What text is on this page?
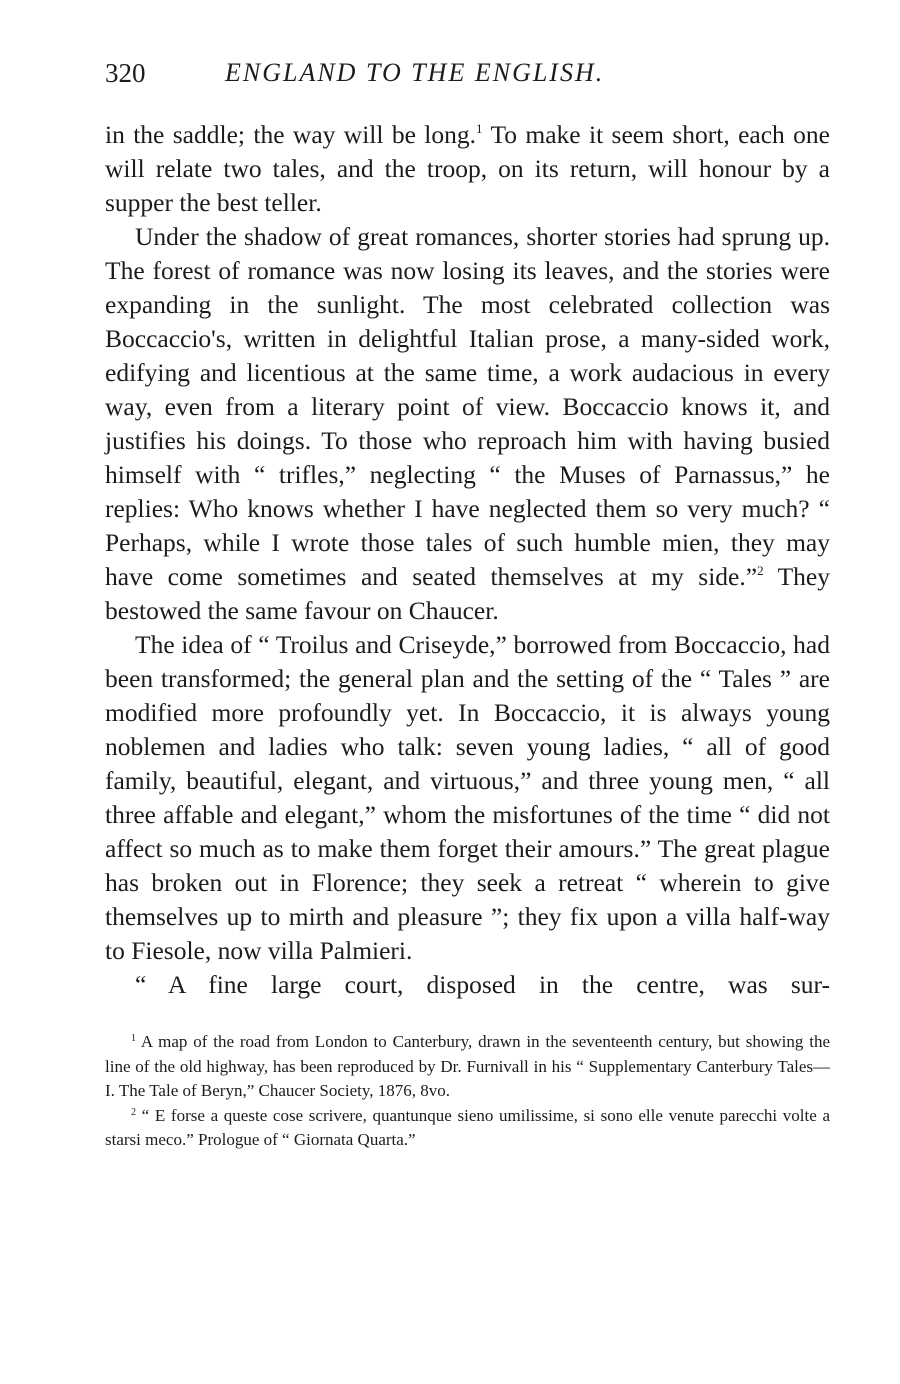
320	ENGLAND TO THE ENGLISH.

in the saddle; the way will be long.$^1$ To make it seem short, each one will relate two tales, and the troop, on its return, will honour by a supper the best teller.

Under the shadow of great romances, shorter stories had sprung up. The forest of romance was now losing its leaves, and the stories were expanding in the sunlight. The most celebrated collection was Boccaccio's, written in delightful Italian prose, a many-sided work, edifying and licentious at the same time, a work audacious in every way, even from a literary point of view. Boccaccio knows it, and justifies his doings. To those who reproach him with having busied himself with “ trifles,” neglecting “ the Muses of Parnassus,” he replies: Who knows whether I have neglected them so very much? “ Perhaps, while I wrote those tales of such humble mien, they may have come sometimes and seated themselves at my side.”$^2$ They bestowed the same favour on Chaucer.

The idea of “ Troilus and Criseyde,” borrowed from Boccaccio, had been transformed; the general plan and the setting of the “ Tales ” are modified more profoundly yet. In Boccaccio, it is always young noblemen and ladies who talk: seven young ladies, “ all of good family, beautiful, elegant, and virtuous,” and three young men, “ all three affable and elegant,” whom the misfortunes of the time “ did not affect so much as to make them forget their amours.” The great plague has broken out in Florence; they seek a retreat “ wherein to give themselves up to mirth and pleasure ”; they fix upon a villa half-way to Fiesole, now villa Palmieri.

“ A fine large court, disposed in the centre, was sur-

$^1$ A map of the road from London to Canterbury, drawn in the seventeenth century, but showing the line of the old highway, has been reproduced by Dr. Furnivall in his “ Supplementary Canterbury Tales—I. The Tale of Beryn,” Chaucer Society, 1876, 8vo.

$^2$ “ E forse a queste cose scrivere, quantunque sieno umilissime, si sono elle venute parecchi volte a starsi meco.” Prologue of “ Giornata Quarta.”
